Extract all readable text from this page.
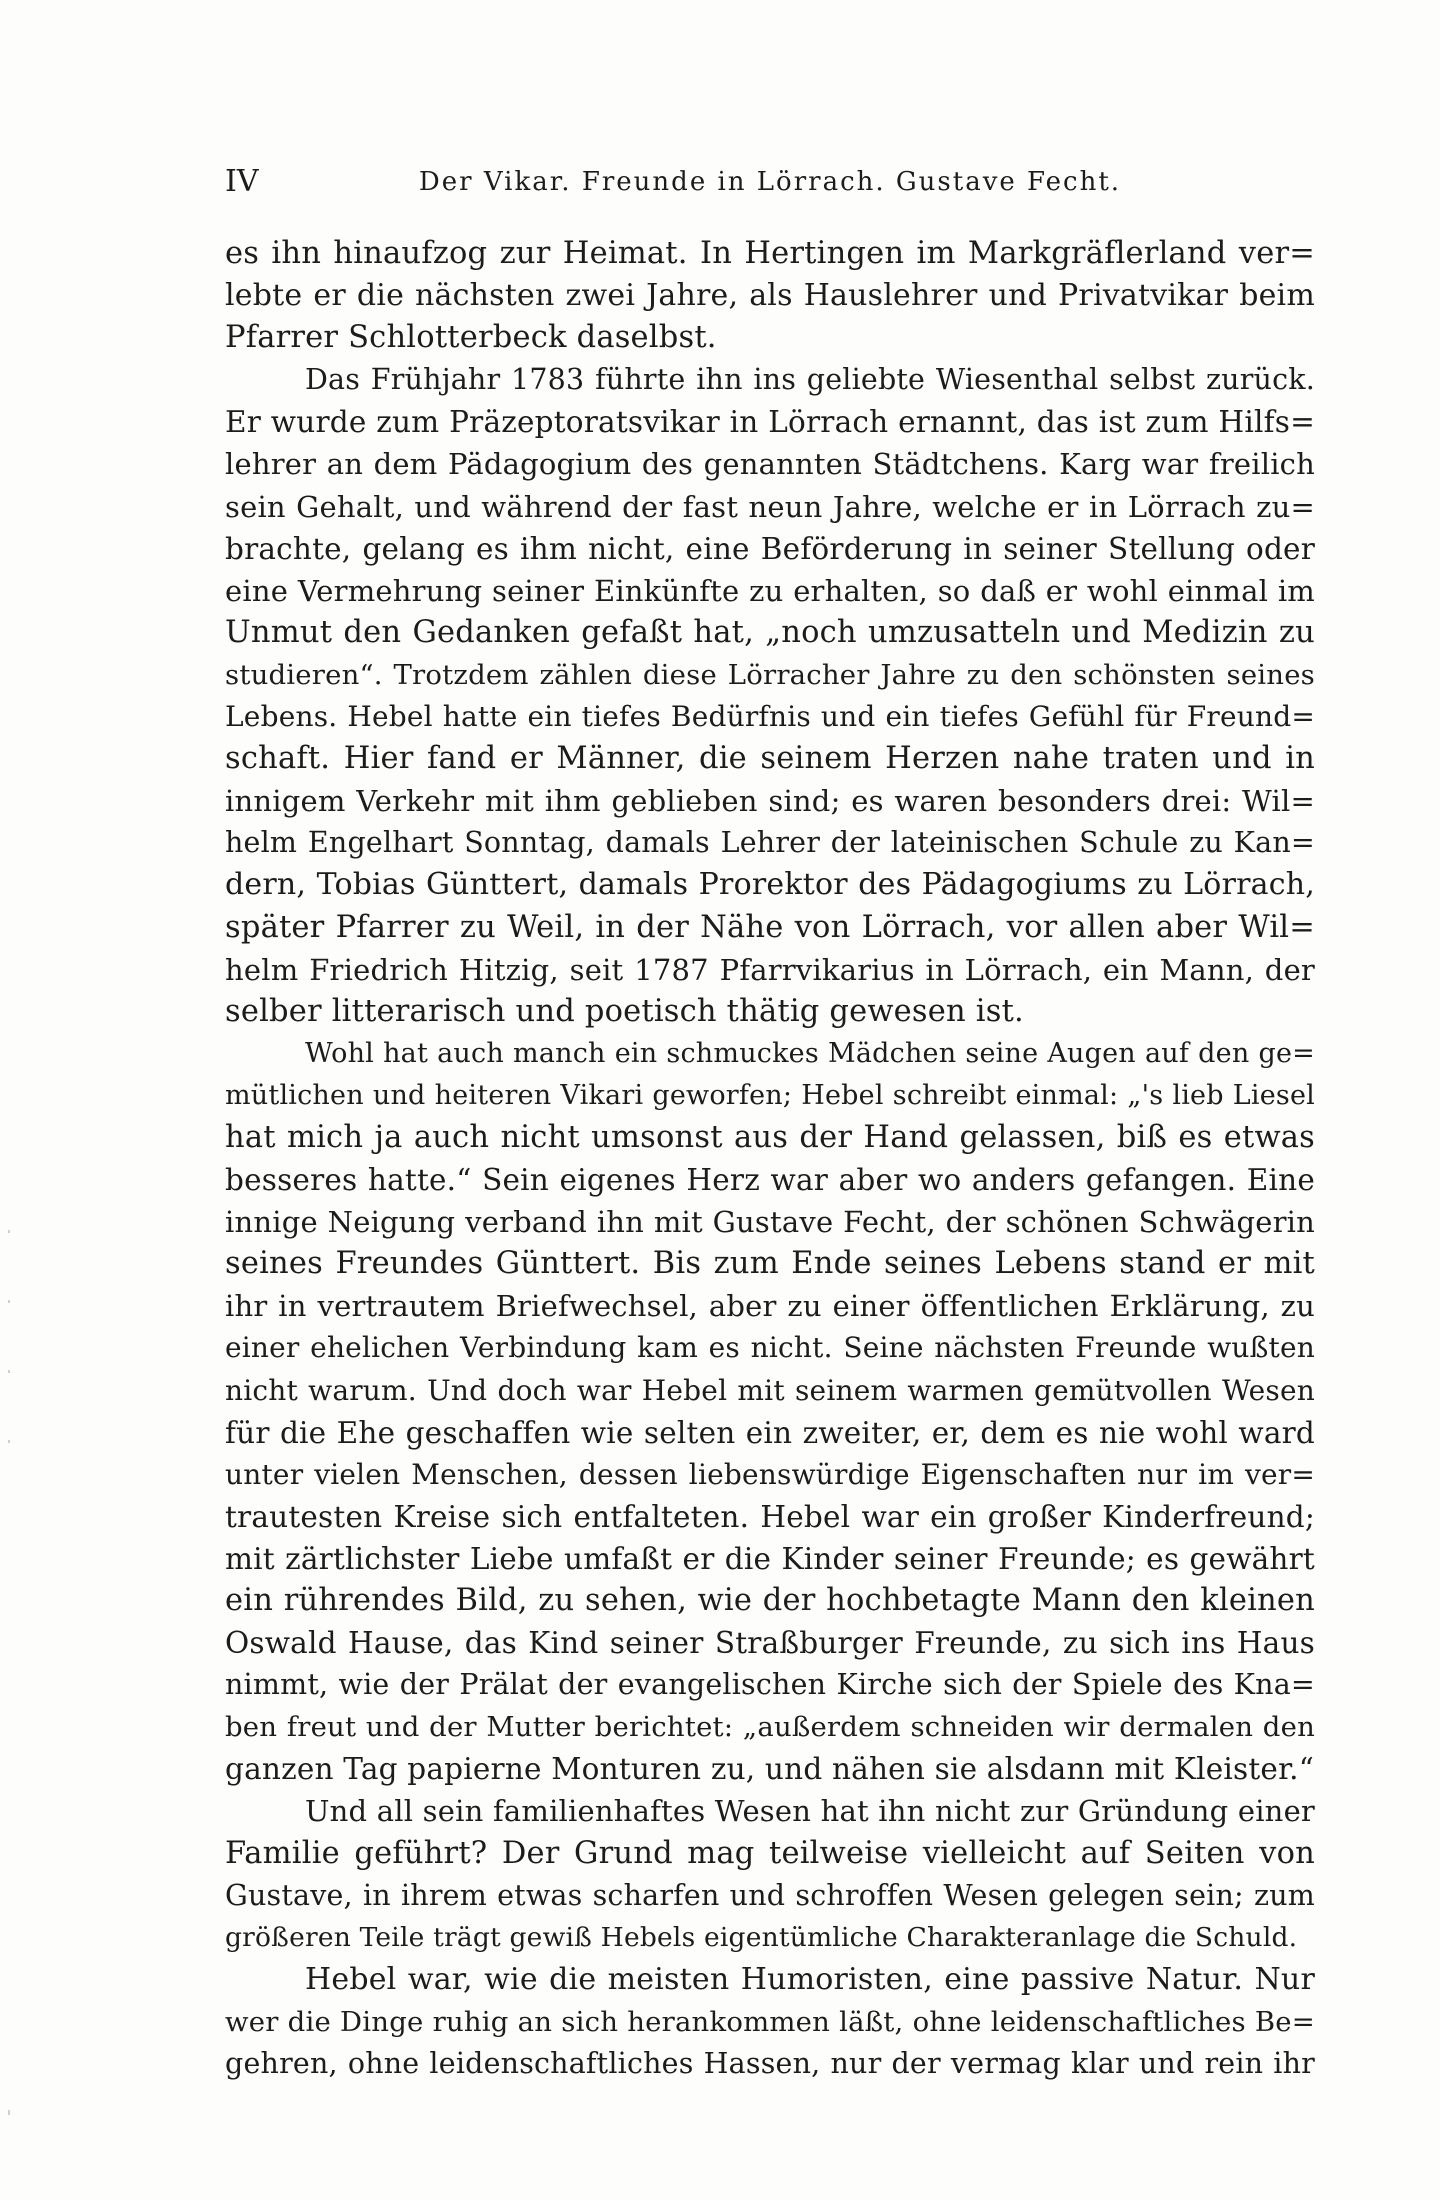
IV	Der Vikar. Freunde in Lörrach. Gustave Fecht.
es ihn hinaufzog zur Heimat. In Hertingen im Markgräflerland ver=
lebte er die nächsten zwei Jahre, als Hauslehrer und Privatvikar beim
Pfarrer Schlotterbeck daselbst.
Das Frühjahr 1783 führte ihn ins geliebte Wiesenthal selbst zurück.
Er wurde zum Präzeptoratsvikar in Lörrach ernannt, das ist zum Hilfs=
lehrer an dem Pädagogium des genannten Städtchens. Karg war freilich
sein Gehalt, und während der fast neun Jahre, welche er in Lörrach zu=
brachte, gelang es ihm nicht, eine Beförderung in seiner Stellung oder
eine Vermehrung seiner Einkünfte zu erhalten, so daß er wohl einmal im
Unmut den Gedanken gefaßt hat, „noch umzusatteln und Medizin zu
studieren“. Trotzdem zählen diese Lörracher Jahre zu den schönsten seines
Lebens. Hebel hatte ein tiefes Bedürfnis und ein tiefes Gefühl für Freund=
schaft. Hier fand er Männer, die seinem Herzen nahe traten und in
innigem Verkehr mit ihm geblieben sind; es waren besonders drei: Wil=
helm Engelhart Sonntag, damals Lehrer der lateinischen Schule zu Kan=
dern, Tobias Günttert, damals Prorektor des Pädagogiums zu Lörrach,
später Pfarrer zu Weil, in der Nähe von Lörrach, vor allen aber Wil=
helm Friedrich Hitzig, seit 1787 Pfarrvikarius in Lörrach, ein Mann, der
selber litterarisch und poetisch thätig gewesen ist.
Wohl hat auch manch ein schmuckes Mädchen seine Augen auf den ge=
mütlichen und heiteren Vikari geworfen; Hebel schreibt einmal: „'s lieb Liesel
hat mich ja auch nicht umsonst aus der Hand gelassen, biß es etwas
besseres hatte.“ Sein eigenes Herz war aber wo anders gefangen. Eine
innige Neigung verband ihn mit Gustave Fecht, der schönen Schwägerin
seines Freundes Günttert. Bis zum Ende seines Lebens stand er mit
ihr in vertrautem Briefwechsel, aber zu einer öffentlichen Erklärung, zu
einer ehelichen Verbindung kam es nicht. Seine nächsten Freunde wußten
nicht warum. Und doch war Hebel mit seinem warmen gemütvollen Wesen
für die Ehe geschaffen wie selten ein zweiter, er, dem es nie wohl ward
unter vielen Menschen, dessen liebenswürdige Eigenschaften nur im ver=
trautesten Kreise sich entfalteten. Hebel war ein großer Kinderfreund;
mit zärtlichster Liebe umfaßt er die Kinder seiner Freunde; es gewährt
ein rührendes Bild, zu sehen, wie der hochbetagte Mann den kleinen
Oswald Hause, das Kind seiner Straßburger Freunde, zu sich ins Haus
nimmt, wie der Prälat der evangelischen Kirche sich der Spiele des Kna=
ben freut und der Mutter berichtet: „außerdem schneiden wir dermalen den
ganzen Tag papierne Monturen zu, und nähen sie alsdann mit Kleister.“
Und all sein familienhaftes Wesen hat ihn nicht zur Gründung einer
Familie geführt? Der Grund mag teilweise vielleicht auf Seiten von
Gustave, in ihrem etwas scharfen und schroffen Wesen gelegen sein; zum
größeren Teile trägt gewiß Hebels eigentümliche Charakteranlage die Schuld.
Hebel war, wie die meisten Humoristen, eine passive Natur. Nur
wer die Dinge ruhig an sich herankommen läßt, ohne leidenschaftliches Be=
gehren, ohne leidenschaftliches Hassen, nur der vermag klar und rein ihr
